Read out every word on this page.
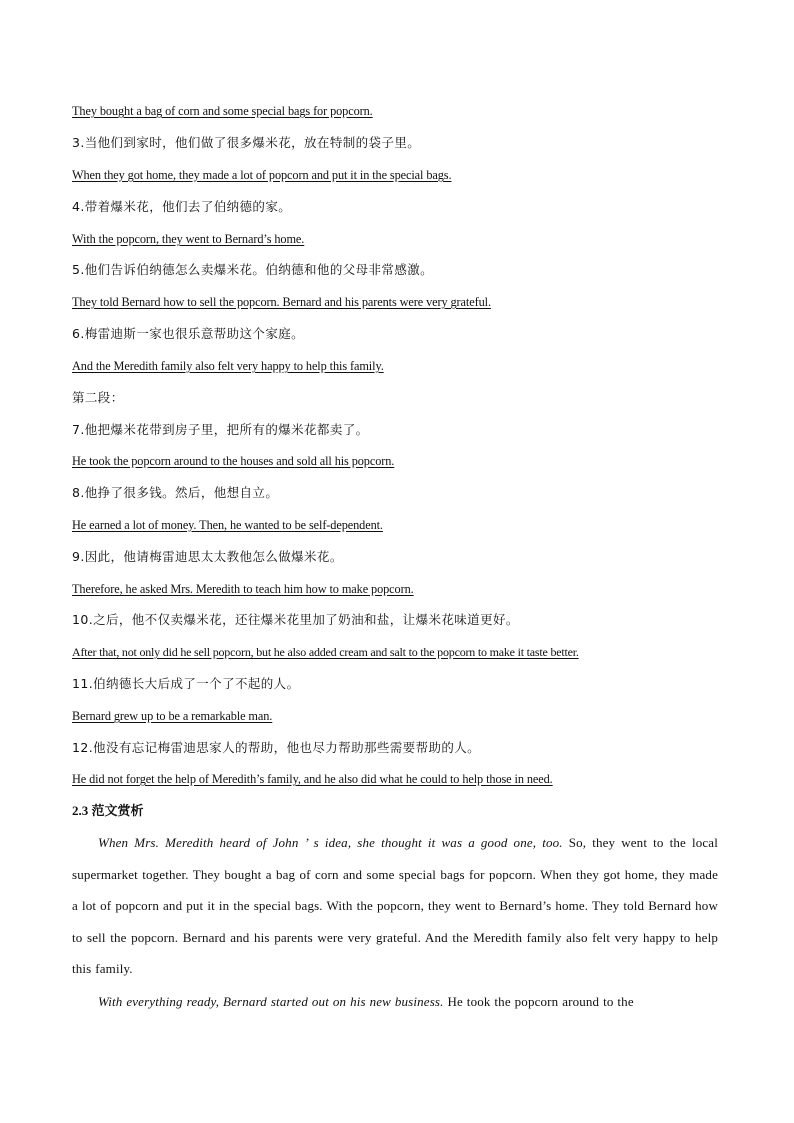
They bought a bag of corn and some special bags for popcorn.
3.当他们到家时，他们做了很多爆米花，放在特制的袋子里。
When they got home, they made a lot of popcorn and put it in the special bags.
4.带着爆米花，他们去了伯纳德的家。
With the popcorn, they went to Bernard’s home.
5.他们告诉伯纳德怎么卖爆米花。伯纳德和他的父母非常感激。
They told Bernard how to sell the popcorn. Bernard and his parents were very grateful.
6.梅雷迪斯一家也很乐意帮助这个家庭。
And the Meredith family also felt very happy to help this family.
第二段：
7.他把爆米花带到房子里，把所有的爆米花都卖了。
He took the popcorn around to the houses and sold all his popcorn.
8.他挣了很多钱。然后，他想自立。
He earned a lot of money. Then, he wanted to be self-dependent.
9.因此，他请梅雷迪思太太教他怎么做爆米花。
Therefore, he asked Mrs. Meredith to teach him how to make popcorn.
10.之后，他不仅卖爆米花，还往爆米花里加了奶油和盐，让爆米花味道更好。
After that, not only did he sell popcorn, but he also added cream and salt to the popcorn to make it taste better.
11.伯纳德长大后成了一个了不起的人。
Bernard grew up to be a remarkable man.
12.他没有忘记梅雷迪思家人的帮助，他也尽力帮助那些需要帮助的人。
He did not forget the help of Meredith’s family, and he also did what he could to help those in need.
2.3 范文赏析
When Mrs. Meredith heard of John ’ s idea, she thought it was a good one, too. So, they went to the local supermarket together. They bought a bag of corn and some special bags for popcorn. When they got home, they made a lot of popcorn and put it in the special bags. With the popcorn, they went to Bernard’s home. They told Bernard how to sell the popcorn. Bernard and his parents were very grateful. And the Meredith family also felt very happy to help this family.
With everything ready, Bernard started out on his new business. He took the popcorn around to the
